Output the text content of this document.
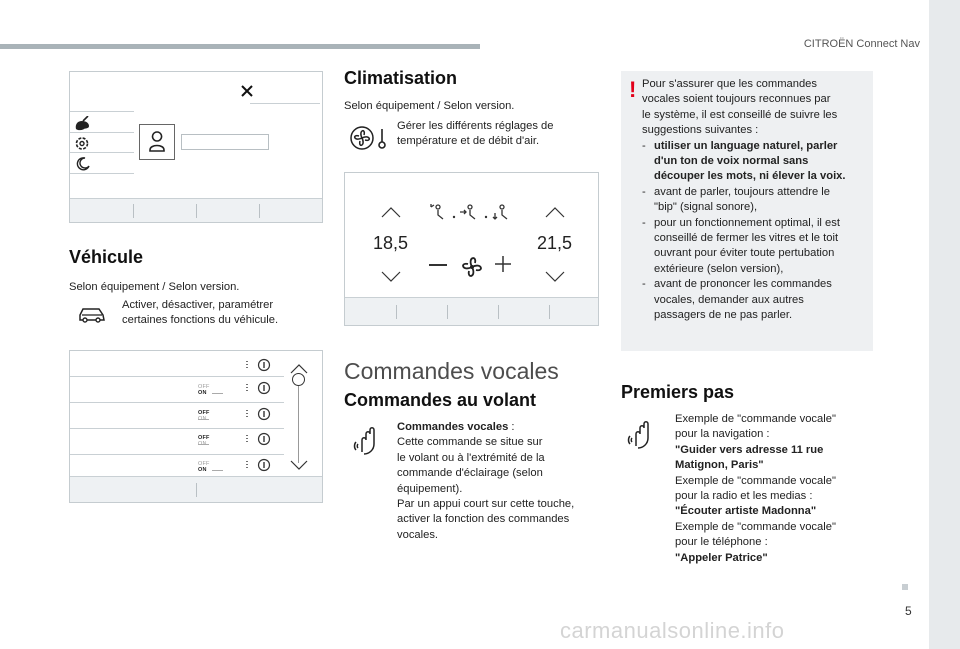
CITROËN Connect Nav
5
carmanualsonline.info
Véhicule
Selon équipement / Selon version.
Activer, désactiver, paramétrer certaines fonctions du véhicule.
OFF ON
OFF
OFF
OFF ON
Climatisation
Selon équipement / Selon version.
Gérer les différents réglages de température et de débit d'air.
18,5	21,5
Commandes vocales
Commandes au volant
Commandes vocales :
Cette commande se situe sur
le volant ou à l'extrémité de la
commande d'éclairage (selon
équipement).
Par un appui court sur cette touche,
activer la fonction des commandes
vocales.
! Pour s'assurer que les commandes
vocales soient toujours reconnues par
le système, il est conseillé de suivre les
suggestions suivantes :
- utiliser un language naturel, parler
d'un ton de voix normal sans
découper les mots, ni élever la voix.
- avant de parler, toujours attendre le
"bip" (signal sonore),
- pour un fonctionnement optimal, il est
conseillé de fermer les vitres et le toit
ouvrant pour éviter toute pertubation
extérieure (selon version),
- avant de prononcer les commandes
vocales, demander aux autres
passagers de ne pas parler.
Premiers pas
Exemple de "commande vocale"
pour la navigation :
"Guider vers adresse 11 rue
Matignon, Paris"
Exemple de "commande vocale"
pour la radio et les medias :
"Écouter artiste Madonna"
Exemple de "commande vocale"
pour le téléphone :
"Appeler Patrice"
